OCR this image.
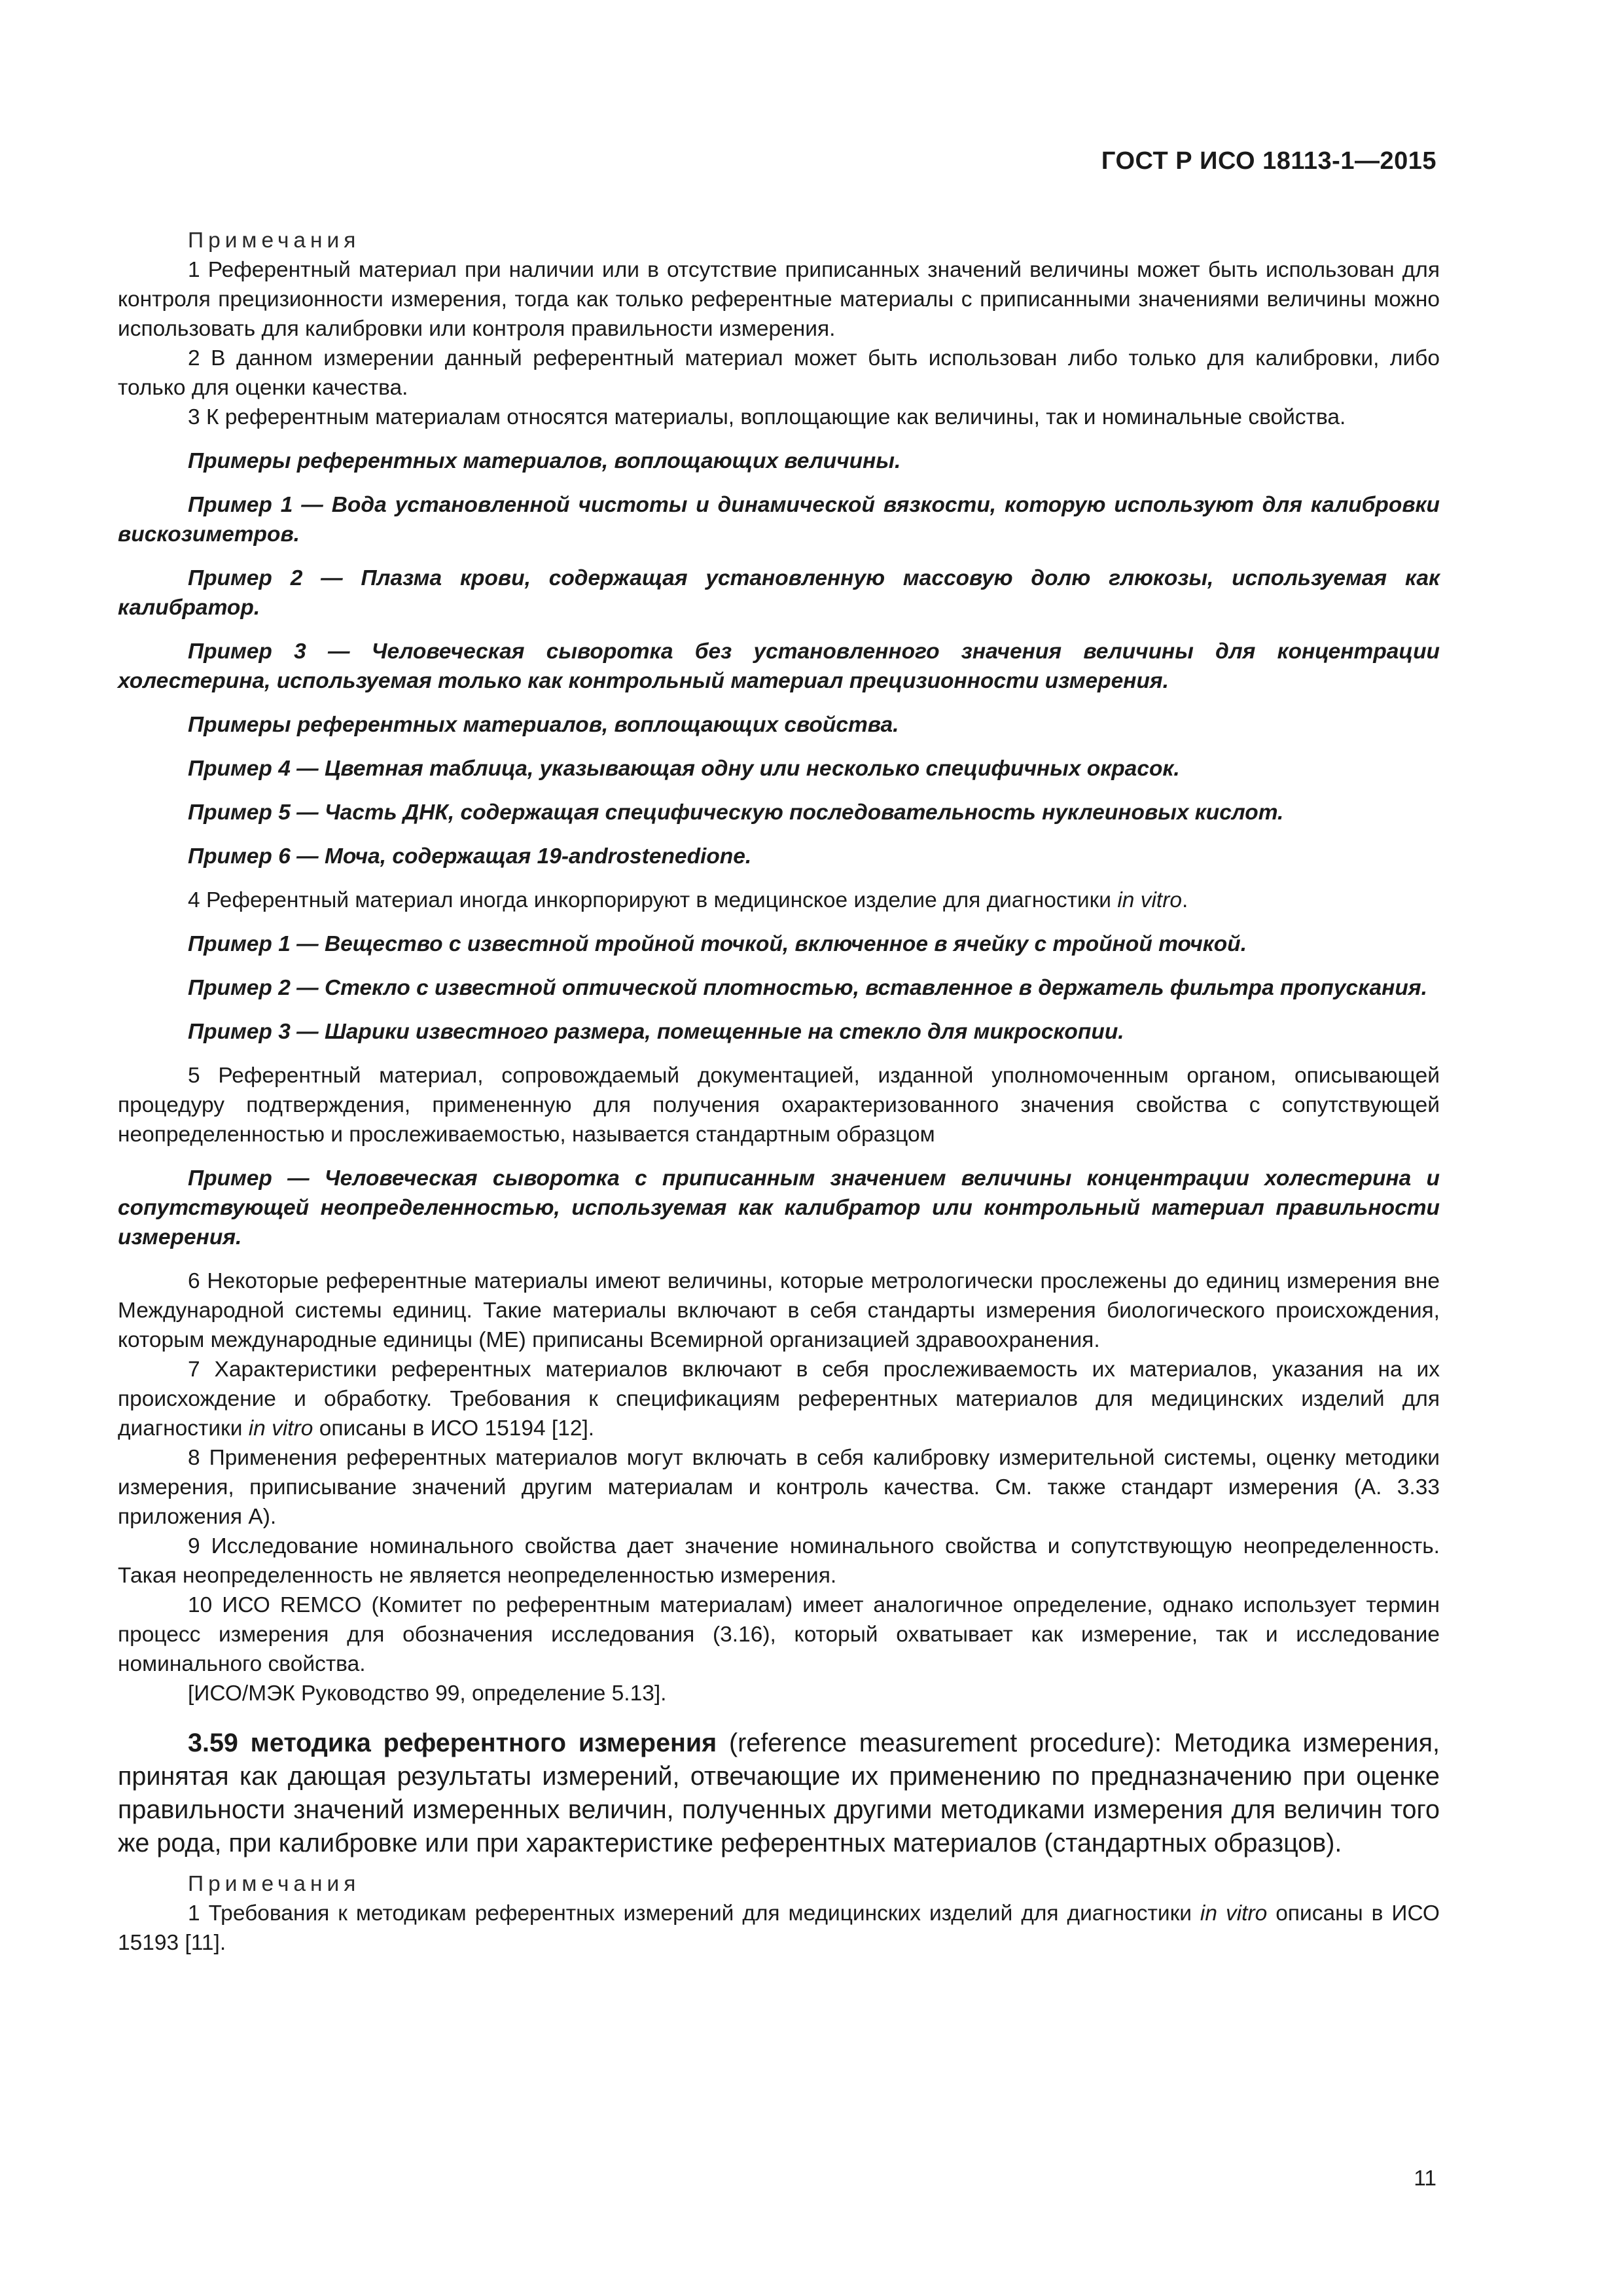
ГОСТ Р ИСО 18113-1—2015

Примечания

1 Референтный материал при наличии или в отсутствие приписанных значений величины может быть использован для контроля прецизионности измерения, тогда как только референтные материалы с приписанными значениями величины можно использовать для калибровки или контроля правильности измерения.

2 В данном измерении данный референтный материал может быть использован либо только для калибровки, либо только для оценки качества.

3 К референтным материалам относятся материалы, воплощающие как величины, так и номинальные свойства.

Примеры референтных материалов, воплощающих величины.

Пример 1 — Вода установленной чистоты и динамической вязкости, которую используют для калибровки вискозиметров.

Пример 2 — Плазма крови, содержащая установленную массовую долю глюкозы, используемая как калибратор.

Пример 3 — Человеческая сыворотка без установленного значения величины для концентрации холестерина, используемая только как контрольный материал прецизионности измерения.

Примеры референтных материалов, воплощающих свойства.

Пример 4 — Цветная таблица, указывающая одну или несколько специфичных окрасок.

Пример 5 — Часть ДНК, содержащая специфическую последовательность нуклеиновых кислот.

Пример 6 — Моча, содержащая 19-androstenedione.

4 Референтный материал иногда инкорпорируют в медицинское изделие для диагностики in vitro.

Пример 1 — Вещество с известной тройной точкой, включенное в ячейку с тройной точкой.

Пример 2 — Стекло с известной оптической плотностью, вставленное в держатель фильтра пропускания.

Пример 3 — Шарики известного размера, помещенные на стекло для микроскопии.

5 Референтный материал, сопровождаемый документацией, изданной уполномоченным органом, описывающей процедуру подтверждения, примененную для получения охарактеризованного значения свойства с сопутствующей неопределенностью и прослеживаемостью, называется стандартным образцом

Пример — Человеческая сыворотка с приписанным значением величины концентрации холестерина и сопутствующей неопределенностью, используемая как калибратор или контрольный материал правильности измерения.

6 Некоторые референтные материалы имеют величины, которые метрологически прослежены до единиц измерения вне Международной системы единиц. Такие материалы включают в себя стандарты измерения биологического происхождения, которым международные единицы (МЕ) приписаны Всемирной организацией здравоохранения.

7 Характеристики референтных материалов включают в себя прослеживаемость их материалов, указания на их происхождение и обработку. Требования к спецификациям референтных материалов для медицинских изделий для диагностики in vitro описаны в ИСО 15194 [12].

8 Применения референтных материалов могут включать в себя калибровку измерительной системы, оценку методики измерения, приписывание значений другим материалам и контроль качества. См. также стандарт измерения (А. 3.33 приложения А).

9 Исследование номинального свойства дает значение номинального свойства и сопутствующую неопределенность. Такая неопределенность не является неопределенностью измерения.

10 ИСО REMCO (Комитет по референтным материалам) имеет аналогичное определение, однако использует термин процесс измерения для обозначения исследования (3.16), который охватывает как измерение, так и исследование номинального свойства.

[ИСО/МЭК Руководство 99, определение 5.13].

3.59 методика референтного измерения (reference measurement procedure): Методика измерения, принятая как дающая результаты измерений, отвечающие их применению по предназначению при оценке правильности значений измеренных величин, полученных другими методиками измерения для величин того же рода, при калибровке или при характеристике референтных материалов (стандартных образцов).

Примечания

1 Требования к методикам референтных измерений для медицинских изделий для диагностики in vitro описаны в ИСО 15193 [11].

11
